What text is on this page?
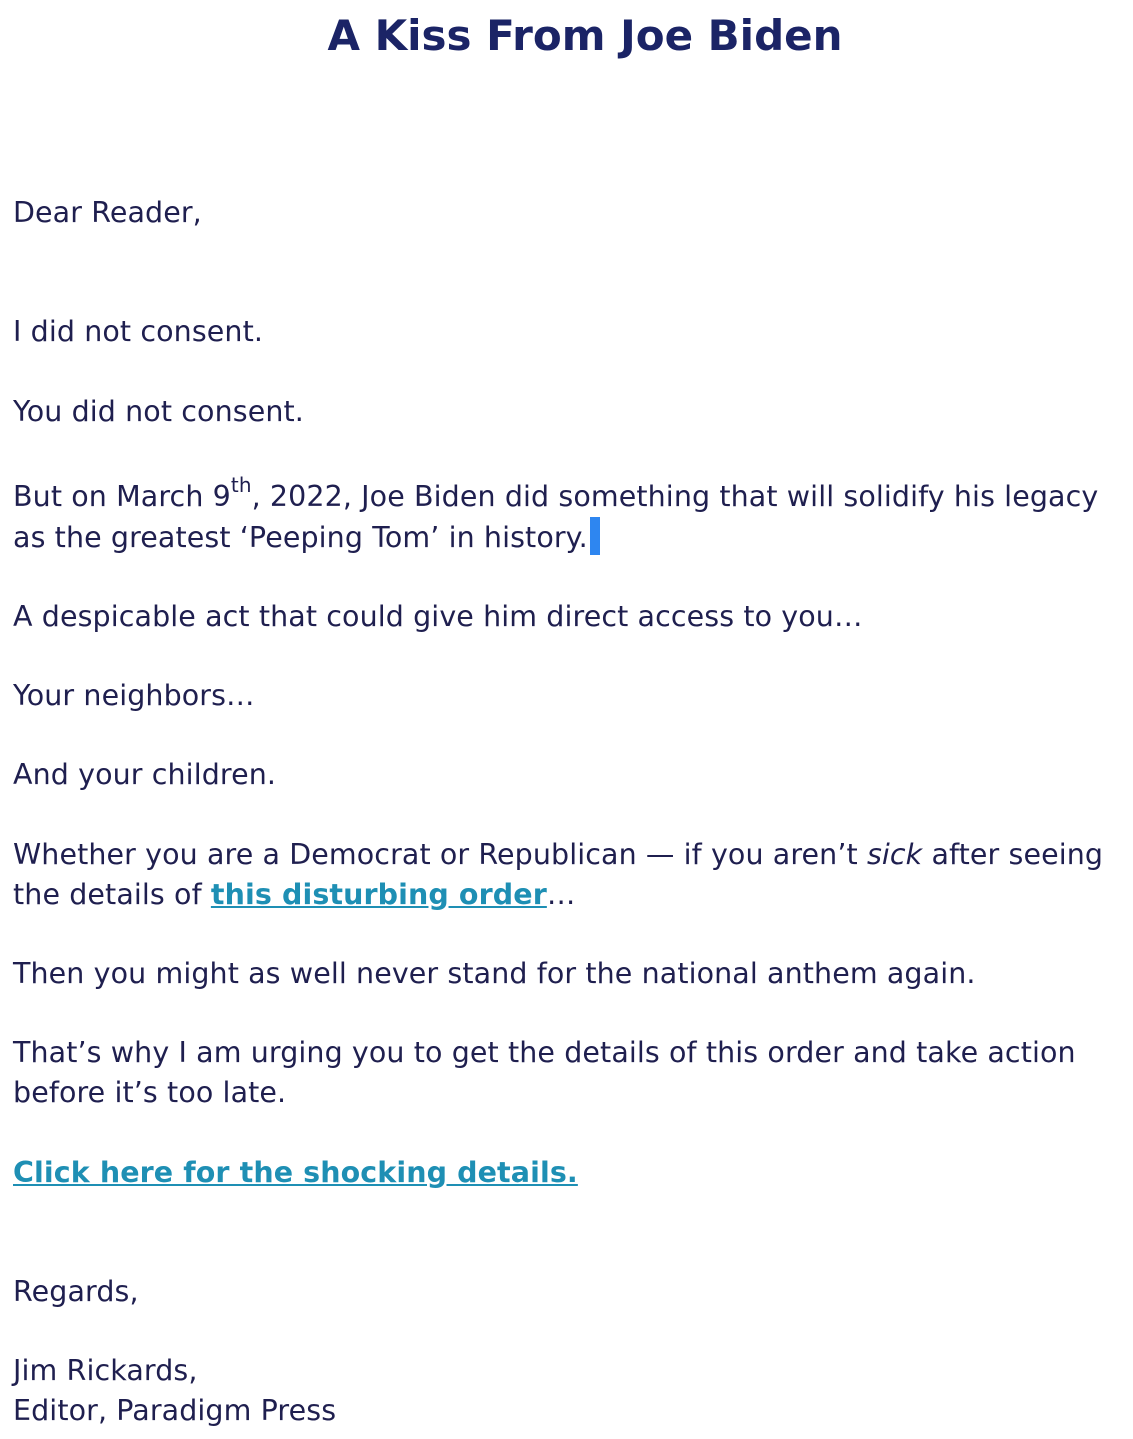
A Kiss From Joe Biden

Dear Reader,

I did not consent.

You did not consent.

But on March 9th, 2022, Joe Biden did something that will solidify his legacy as the greatest ‘Peeping Tom’ in history.

A despicable act that could give him direct access to you…

Your neighbors…

And your children.

Whether you are a Democrat or Republican — if you aren’t sick after seeing the details of this disturbing order…

Then you might as well never stand for the national anthem again.

That’s why I am urging you to get the details of this order and take action before it’s too late.

Click here for the shocking details.

Regards,

Jim Rickards,

Editor, Paradigm Press
